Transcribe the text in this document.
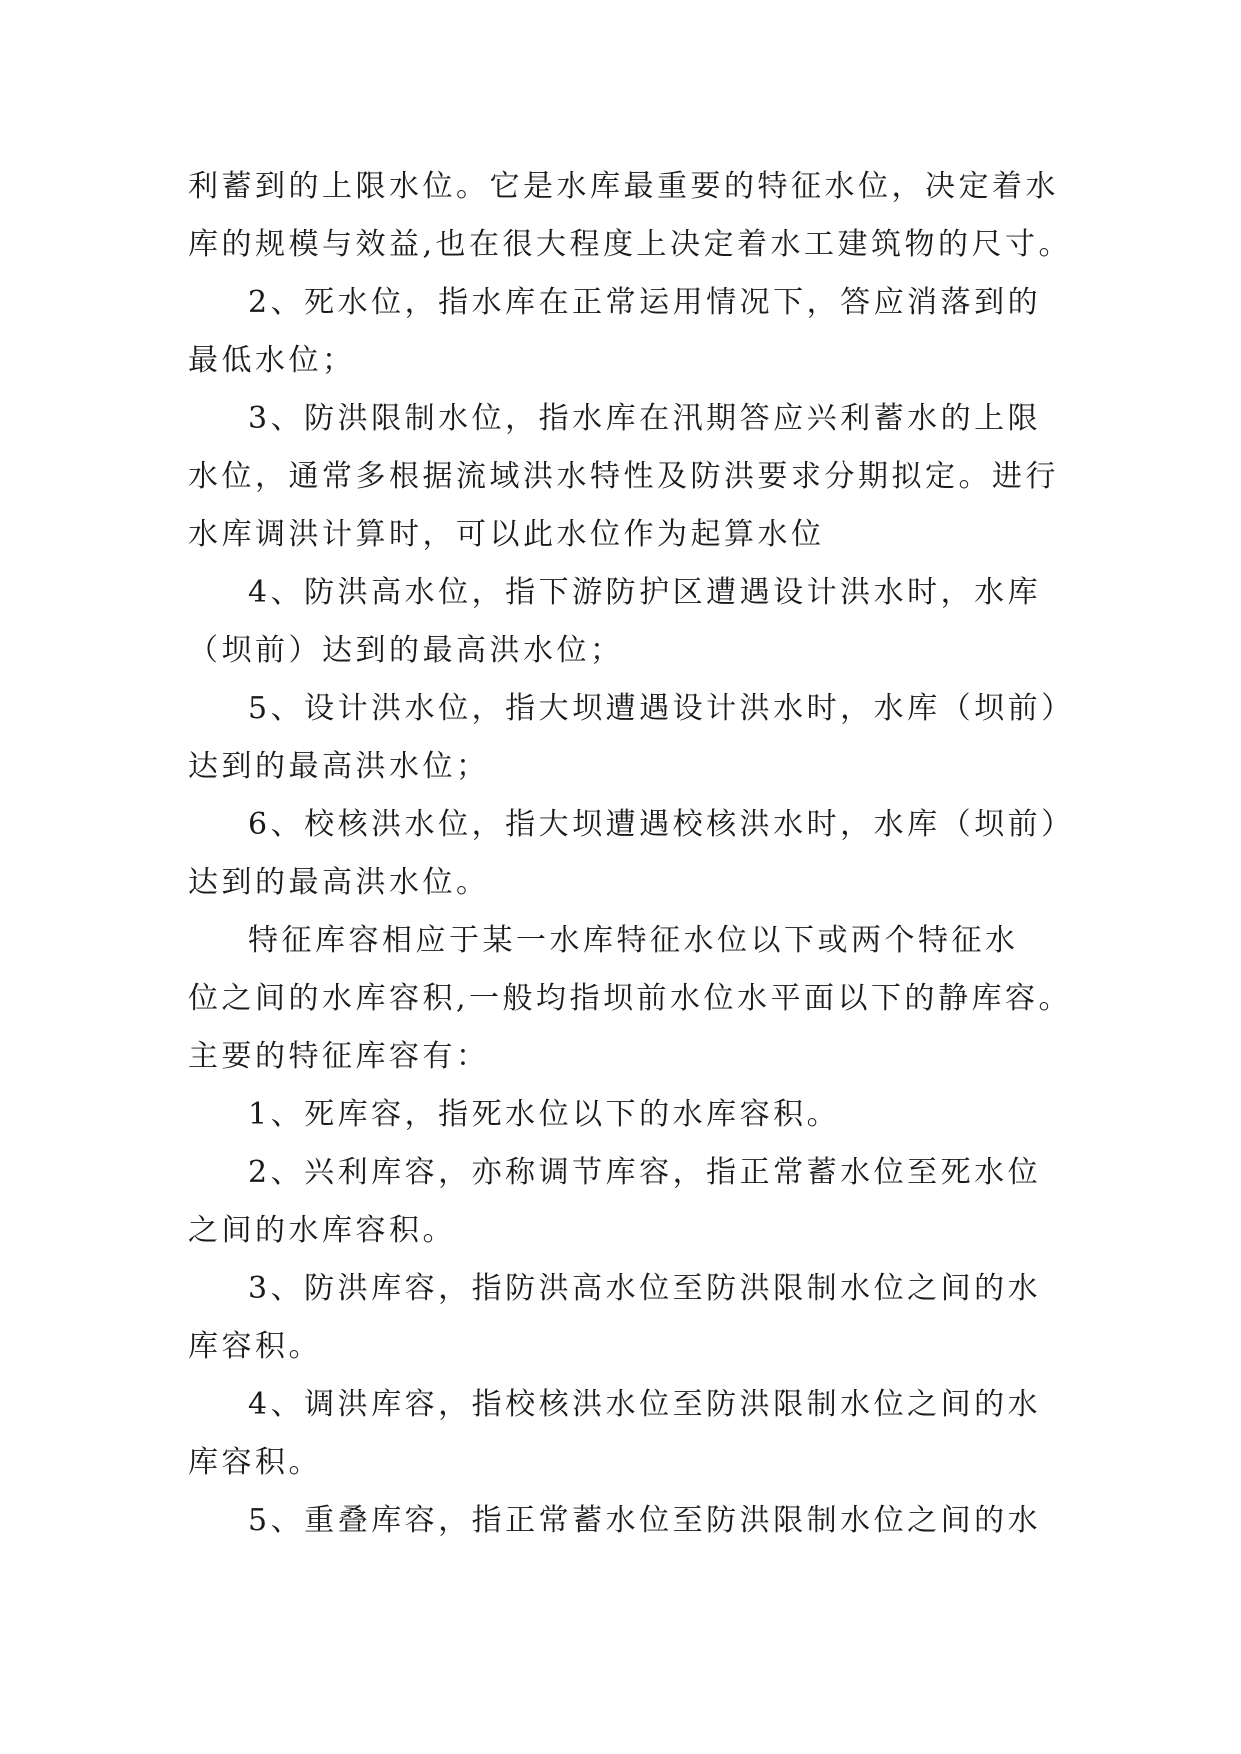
利蓄到的上限水位。它是水库最重要的特征水位，决定着水
库的规模与效益,也在很大程度上决定着水工建筑物的尺寸。
2、死水位，指水库在正常运用情况下，答应消落到的
最低水位；
3、防洪限制水位，指水库在汛期答应兴利蓄水的上限
水位，通常多根据流域洪水特性及防洪要求分期拟定。进行
水库调洪计算时，可以此水位作为起算水位
4、防洪高水位，指下游防护区遭遇设计洪水时，水库
（坝前）达到的最高洪水位；
5、设计洪水位，指大坝遭遇设计洪水时，水库（坝前）
达到的最高洪水位；
6、校核洪水位，指大坝遭遇校核洪水时，水库（坝前）
达到的最高洪水位。
特征库容相应于某一水库特征水位以下或两个特征水
位之间的水库容积,一般均指坝前水位水平面以下的静库容。
主要的特征库容有：
1、死库容，指死水位以下的水库容积。
2、兴利库容，亦称调节库容，指正常蓄水位至死水位
之间的水库容积。
3、防洪库容，指防洪高水位至防洪限制水位之间的水
库容积。
4、调洪库容，指校核洪水位至防洪限制水位之间的水
库容积。
5、重叠库容，指正常蓄水位至防洪限制水位之间的水
